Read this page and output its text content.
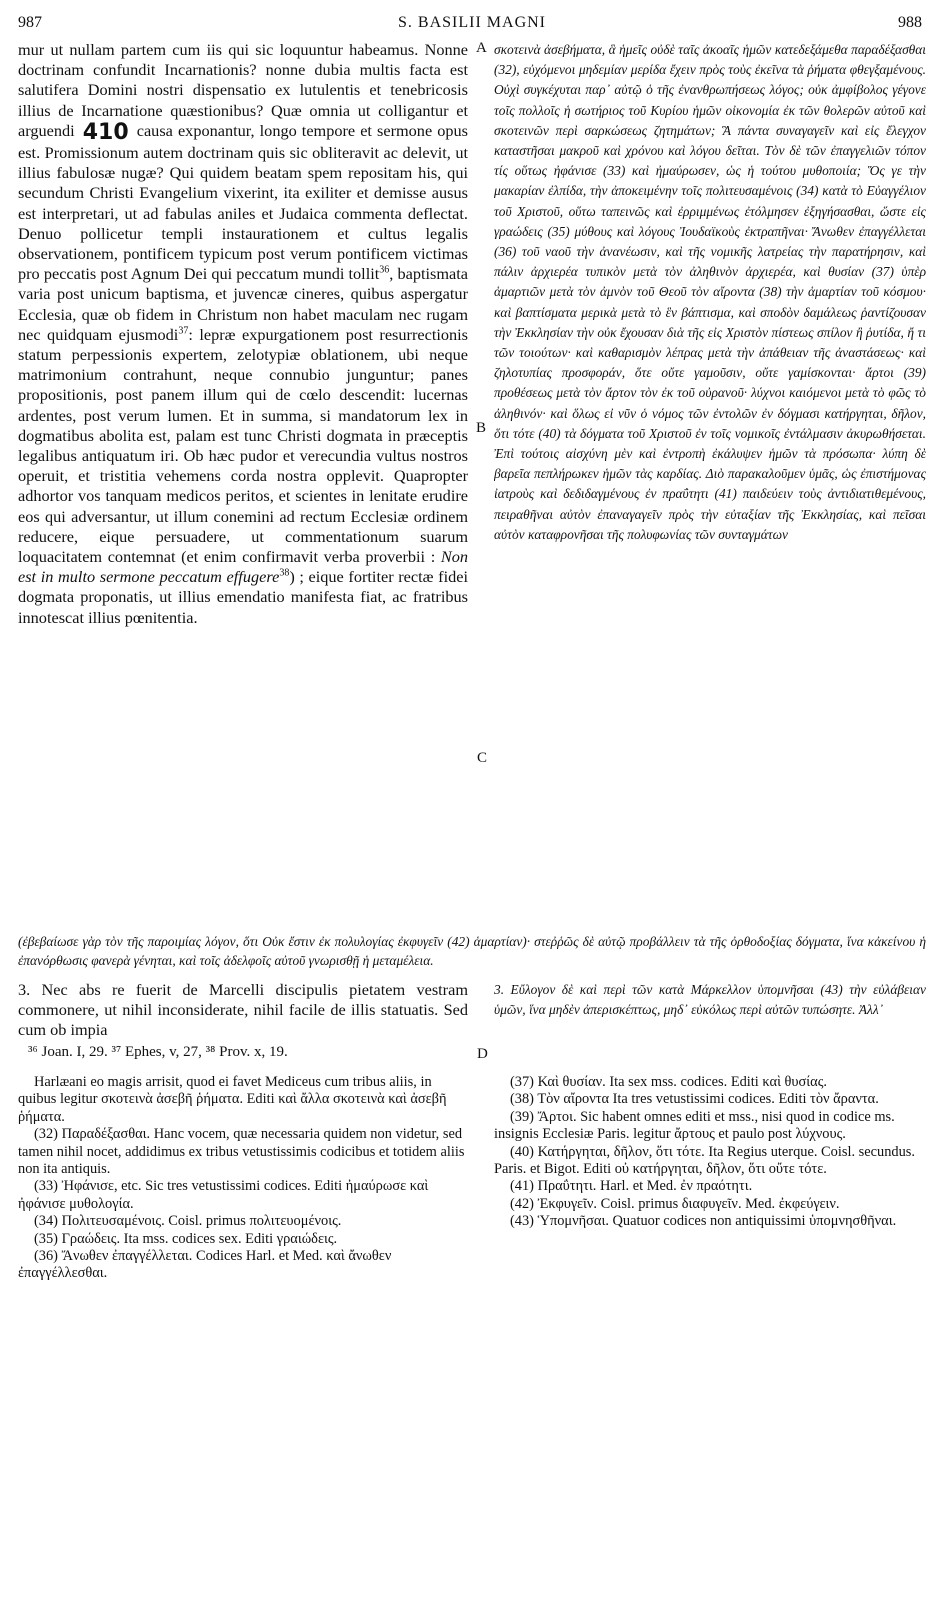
987	S. BASILII MAGNI	988

mur ut nullam partem cum iis qui sic loquuntur habeamus. Nonne doctrinam confundit Incarnationis? nonne dubia multis facta est salutifera Domini nostri dispensatio ex lutulentis et tenebricosis illius de Incarnatione quæstionibus? Quæ omnia ut colligantur et arguendi 410 causa exponantur, longo tempore et sermone opus est. Promissionum autem doctrinam quis sic obliteravit ac delevit, ut illius fabulosæ nugæ? Qui quidem beatam spem repositam his, qui secundum Christi Evangelium vixerint, ita exiliter et demisse ausus est interpretari, ut ad fabulas aniles et Judaica commenta deflectat. Denuo pollicetur templi instaurationem et cultus legalis observationem, pontificem typicum post verum pontificem victimas pro peccatis post Agnum Dei qui peccatum mundi tollit$^{36}$, baptismata varia post unicum baptisma, et juvencæ cineres, quibus aspergatur Ecclesia, quæ ob fidem in Christum non habet maculam nec rugam nec quidquam ejusmodi$^{37}$: lepræ expurgationem post resurrectionis statum perpessionis expertem, zelotypiæ oblationem, ubi neque matrimonium contrahunt, neque connubio junguntur; panes propositionis, post panem illum qui de cœlo descendit: lucernas ardentes, post verum lumen. Et in summa, si mandatorum lex in dogmatibus abolita est, palam est tunc Christi dogmata in præceptis legalibus antiquatum iri. Ob hæc pudor et verecundia vultus nostros operuit, et tristitia vehemens corda nostra opplevit. Quapropter adhortor vos tanquam medicos peritos, et scientes in lenitate erudire eos qui adversantur, ut illum conemini ad rectum Ecclesiæ ordinem reducere, eique persuadere, ut commentationum suarum loquacitatem contemnat (et enim confirmavit verba proverbii : Non est in multo sermone peccatum effugere$^{38}$) ; eique fortiter rectæ fidei dogmata proponatis, ut illius emendatio manifesta fiat, ac fratribus innotescat illius pœnitentia.

A
B
C
D

σκοτεινὰ ἀσεβήματα, ἃ ἡμεῖς οὐδὲ ταῖς ἀκοαῖς ἡμῶν κατεδεξάμεθα παραδέξασθαι (32), εὐχόμενοι μηδεμίαν μερίδα ἔχειν πρὸς τοὺς ἐκεῖνα τὰ ῥήματα φθεγξαμένους. Οὐχὶ συγκέχυται παρ᾽ αὐτῷ ὁ τῆς ἐνανθρωπήσεως λόγος; οὐκ ἀμφίβολος γέγονε τοῖς πολλοῖς ἡ σωτήριος τοῦ Κυρίου ἡμῶν οἰκονομία ἐκ τῶν θολερῶν αὐτοῦ καὶ σκοτεινῶν περὶ σαρκώσεως ζητημάτων; Ἃ πάντα συναγαγεῖν καὶ εἰς ἔλεγχον καταστῆσαι μακροῦ καὶ χρόνου καὶ λόγου δεῖται. Τὸν δὲ τῶν ἐπαγγελιῶν τόπον τίς οὕτως ἠφάνισε (33) καὶ ἠμαύρωσεν, ὡς ἡ τούτου μυθοποιία; Ὅς γε τὴν μακαρίαν ἐλπίδα, τὴν ἀποκειμένην τοῖς πολιτευσαμένοις (34) κατὰ τὸ Εὐαγγέλιον τοῦ Χριστοῦ, οὕτω ταπεινῶς καὶ ἐρριμμένως ἐτόλμησεν ἐξηγήσασθαι, ὥστε εἰς γραώδεις (35) μύθους καὶ λόγους Ἰουδαϊκοὺς ἐκτραπῆναι· Ἄνωθεν ἐπαγγέλλεται (36) τοῦ ναοῦ τὴν ἀνανέωσιν, καὶ τῆς νομικῆς λατρείας τὴν παρατήρησιν, καὶ πάλιν ἀρχιερέα τυπικὸν μετὰ τὸν ἀληθινὸν ἀρχιερέα, καὶ θυσίαν (37) ὑπὲρ ἁμαρτιῶν μετὰ τὸν ἀμνὸν τοῦ Θεοῦ τὸν αἴροντα (38) τὴν ἁμαρτίαν τοῦ κόσμου· καὶ βαπτίσματα μερικὰ μετὰ τὸ ἓν βάπτισμα, καὶ σποδὸν δαμάλεως ῥαντίζουσαν τὴν Ἐκκλησίαν τὴν οὐκ ἔχουσαν διὰ τῆς εἰς Χριστὸν πίστεως σπίλον ἢ ῥυτίδα, ἤ τι τῶν τοιούτων· καὶ καθαρισμὸν λέπρας μετὰ τὴν ἀπάθειαν τῆς ἀναστάσεως· καὶ ζηλοτυπίας προσφοράν, ὅτε οὔτε γαμοῦσιν, οὔτε γαμίσκονται· ἄρτοι (39) προθέσεως μετὰ τὸν ἄρτον τὸν ἐκ τοῦ οὐρανοῦ· λύχνοι καιόμενοι μετὰ τὸ φῶς τὸ ἀληθινόν· καὶ ὅλως εἰ νῦν ὁ νόμος τῶν ἐντολῶν ἐν δόγμασι κατήργηται, δῆλον, ὅτι τότε (40) τὰ δόγματα τοῦ Χριστοῦ ἐν τοῖς νομικοῖς ἐντάλμασιν ἀκυρωθήσεται. Ἐπὶ τούτοις αἰσχύνη μὲν καὶ ἐντροπὴ ἐκάλυψεν ἡμῶν τὰ πρόσωπα· λύπη δὲ βαρεῖα πεπλήρωκεν ἡμῶν τὰς καρδίας. Διὸ παρακαλοῦμεν ὑμᾶς, ὡς ἐπιστήμονας ἰατροὺς καὶ δεδιδαγμένους ἐν πραΰτητι (41) παιδεύειν τοὺς ἀντιδιατιθεμένους, πειραθῆναι αὐτὸν ἐπαναγαγεῖν πρὸς τὴν εὐταξίαν τῆς Ἐκκλησίας, καὶ πεῖσαι αὐτὸν καταφρονῆσαι τῆς πολυφωνίας τῶν συνταγμάτων

(ἐβεβαίωσε γὰρ τὸν τῆς παροιμίας λόγον, ὅτι Οὐκ ἔστιν ἐκ πολυλογίας ἐκφυγεῖν (42) ἁμαρτίαν)· στεῤῥῶς δὲ αὐτῷ προβάλλειν τὰ τῆς ὀρθοδοξίας δόγματα, ἵνα κἀκείνου ἡ ἐπανόρθωσις φανερὰ γένηται, καὶ τοῖς ἀδελφοῖς αὐτοῦ γνωρισθῇ ἡ μεταμέλεια.

3. Nec abs re fuerit de Marcelli discipulis pietatem vestram commonere, ut nihil inconsiderate, nihil facile de illis statuatis. Sed cum ob impia

3. Εὔλογον δὲ καὶ περὶ τῶν κατὰ Μάρκελλον ὑπομνῆσαι (43) τὴν εὐλάβειαν ὑμῶν, ἵνα μηδὲν ἀπερισκέπτως, μηδ᾽ εὐκόλως περὶ αὐτῶν τυπώσητε. Ἀλλ᾽

³⁶ Joan. I, 29. ³⁷ Ephes, v, 27, ³⁸ Prov. x, 19.

Harlæani eo magis arrisit, quod ei favet Mediceus cum tribus aliis, in quibus legitur σκοτεινὰ ἀσεβῆ ῥήματα. Editi καὶ ἄλλα σκοτεινὰ καὶ ἀσεβῆ ῥήματα.

(32) Παραδέξασθαι. Hanc vocem, quæ necessaria quidem non videtur, sed tamen nihil nocet, addidimus ex tribus vetustissimis codicibus et totidem aliis non ita antiquis.

(33) Ἠφάνισε, etc. Sic tres vetustissimi codices. Editi ἠμαύρωσε καὶ ἠφάνισε μυθολογία.

(34) Πολιτευσαμένοις. Coisl. primus πολιτευομένοις.

(35) Γραώδεις. Ita mss. codices sex. Editi γραιώδεις.

(36) Ἄνωθεν ἐπαγγέλλεται. Codices Harl. et Med. καὶ ἄνωθεν ἐπαγγέλλεσθαι.

(37) Καὶ θυσίαν. Ita sex mss. codices. Editi καὶ θυσίας.

(38) Τὸν αἴροντα Ita tres vetustissimi codices. Editi τὸν ἄραντα.

(39) Ἄρτοι. Sic habent omnes editi et mss., nisi quod in codice ms. insignis Ecclesiæ Paris. legitur ἄρτους et paulo post λύχνους.

(40) Κατήργηται, δῆλον, ὅτι τότε. Ita Regius uterque. Coisl. secundus. Paris. et Bigot. Editi οὐ κατήργηται, δῆλον, ὅτι οὔτε τότε.

(41) Πραΰτητι. Harl. et Med. ἐν πραότητι.

(42) Ἐκφυγεῖν. Coisl. primus διαφυγεῖν. Med. ἐκφεύγειν.

(43) Ὑπομνῆσαι. Quatuor codices non antiquissimi ὑπομνησθῆναι.
